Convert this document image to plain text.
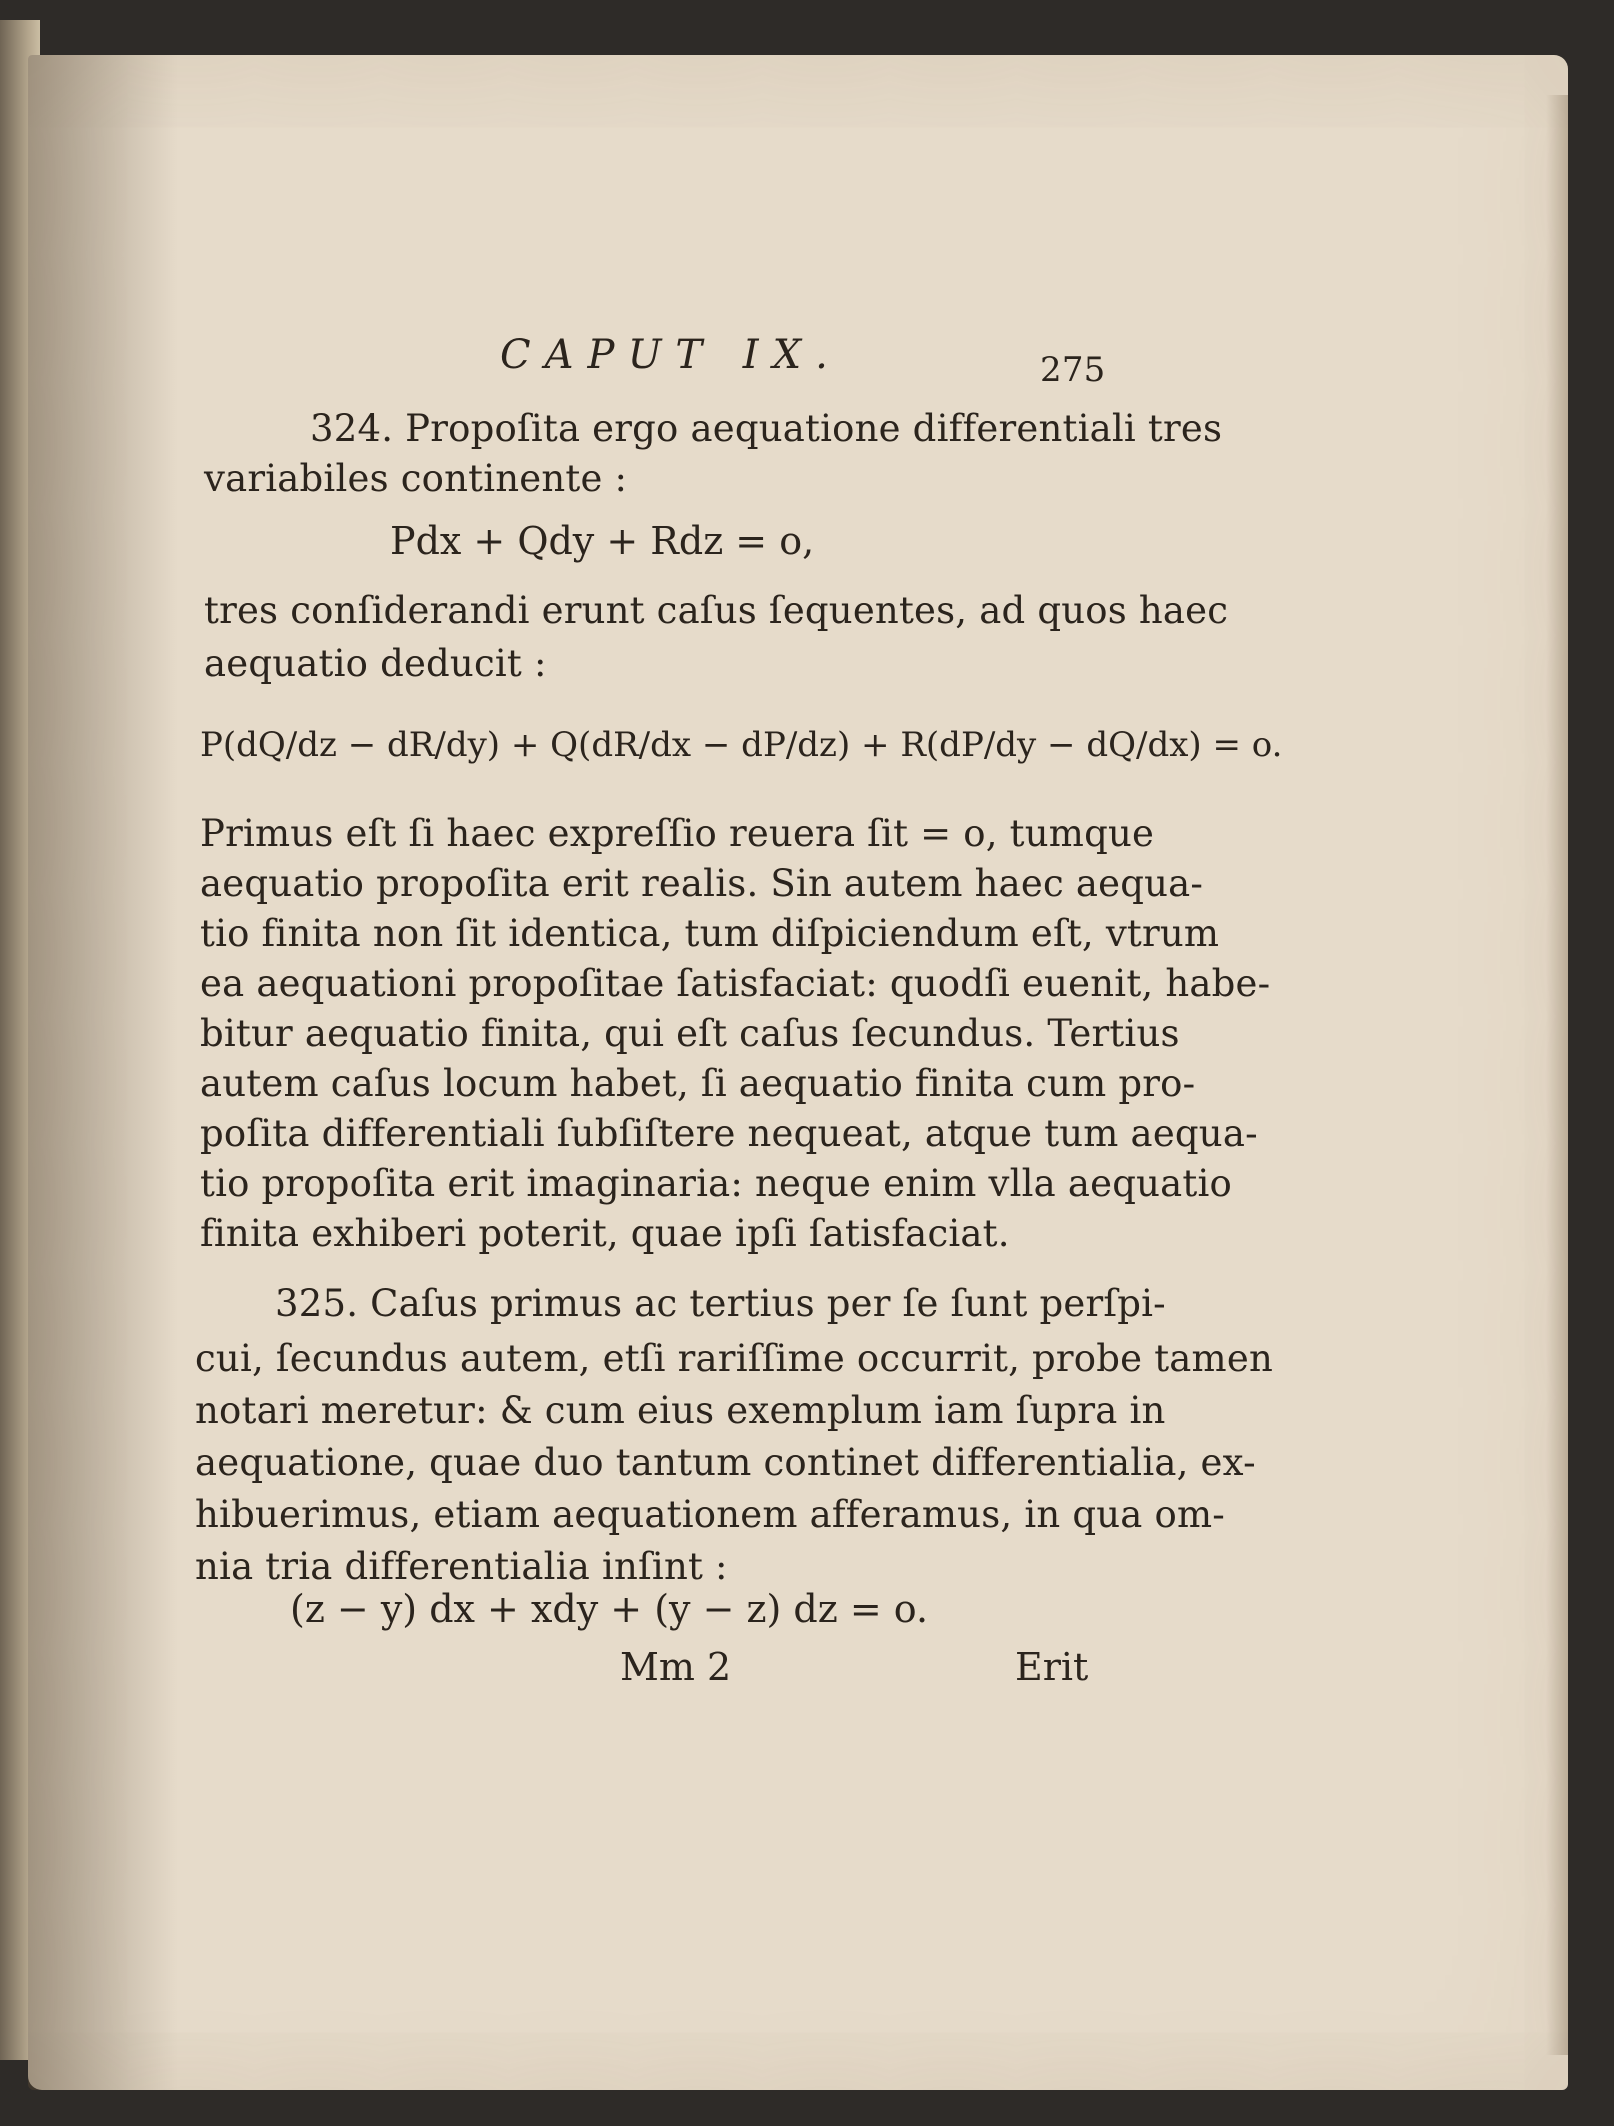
CAPUT IX.	275
324. Propoſita ergo aequatione differentiali tres
variabiles continente :
Pdx + Qdy + Rdz = o,
tres conſiderandi erunt caſus ſequentes, ad quos haec
aequatio deducit :
P(dQ/dz − dR/dy) + Q(dR/dx − dP/dz) + R(dP/dy − dQ/dx) = o.
Primus eſt ſi haec expreſſio reuera ſit = o, tumque
aequatio propoſita erit realis. Sin autem haec aequa-
tio finita non ſit identica, tum diſpiciendum eſt, vtrum
ea aequationi propoſitae ſatisfaciat: quodſi euenit, habe-
bitur aequatio finita, qui eſt caſus ſecundus. Tertius
autem caſus locum habet, ſi aequatio finita cum pro-
poſita differentiali ſubſiſtere nequeat, atque tum aequa-
tio propoſita erit imaginaria: neque enim vlla aequatio
finita exhiberi poterit, quae ipſi ſatisfaciat.
325. Caſus primus ac tertius per ſe ſunt perſpi-
cui, ſecundus autem, etſi rariſſime occurrit, probe tamen
notari meretur: & cum eius exemplum iam ſupra in
aequatione, quae duo tantum continet differentialia, ex-
hibuerimus, etiam aequationem afferamus, in qua om-
nia tria differentialia inſint :
(z − y) dx + xdy + (y − z) dz = o.
Mm 2	Erit
